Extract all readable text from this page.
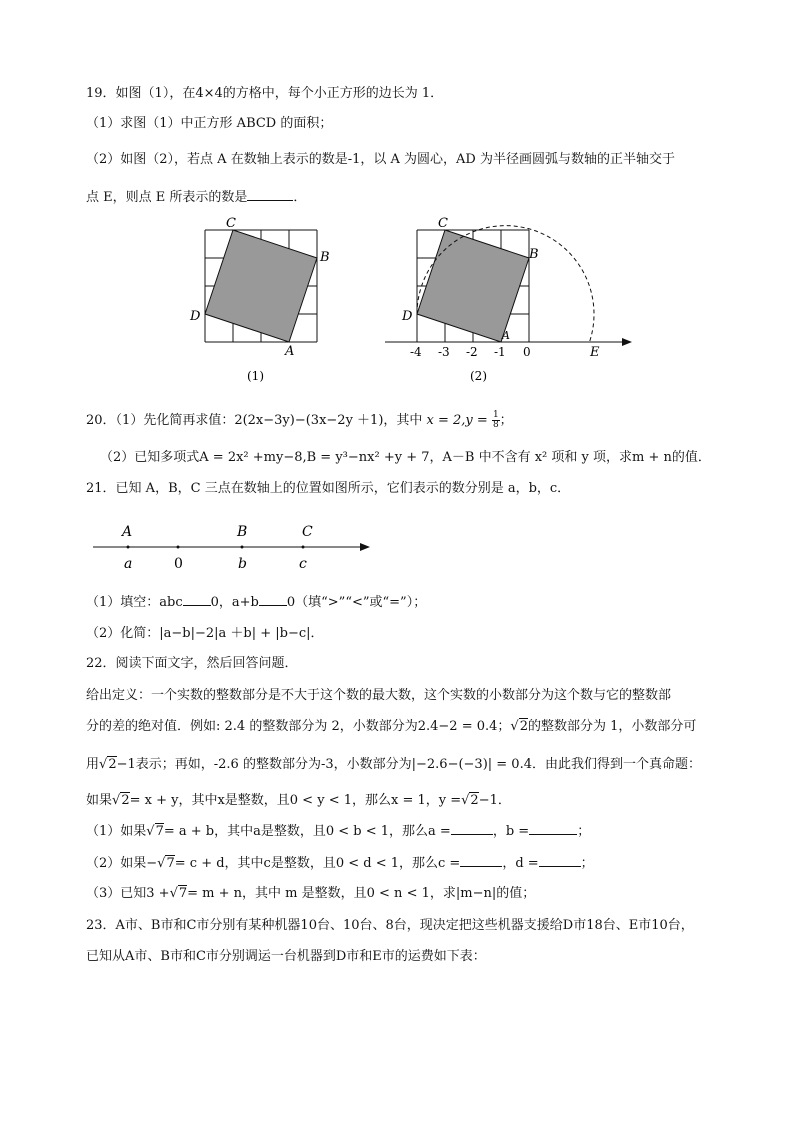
19．如图（1），在4×4的方格中，每个小正方形的边长为 1．
（1）求图（1）中正方形 ABCD 的面积；
（2）如图（2），若点 A 在数轴上表示的数是-1，以 A 为圆心，AD 为半径画圆弧与数轴的正半轴交于
点 E，则点 E 所表示的数是	．
C
B
D
A
(1)
C
B
D
A
E
-4 -3 -2 -1 0
(2)
20．（1）先化简再求值：2(2x−3y)−(3x−2y ＋1)，其中 $x = 2,y = \frac{1}{8}$ ；
（2）已知多项式A = 2x² +my−8,B = y³−nx² +y + 7，A－B 中不含有 x² 项和 y 项，求m + n的值．
21．已知 A，B，C 三点在数轴上的位置如图所示，它们表示的数分别是 a，b，c．
A	B	C
a	0	b	c
（1）填空：abc 0，a+b 0（填“>”“<”或“=”）；
（2）化简：|a−b|−2|a ＋b| + |b−c|．
22．阅读下面文字，然后回答问题．
给出定义：一个实数的整数部分是不大于这个数的最大数，这个实数的小数部分为这个数与它的整数部
分的差的绝对值．例如: 2.4 的整数部分为 2，小数部分为2.4−2 = 0.4；√2的整数部分为 1，小数部分可
用√2−1表示；再如，-2.6 的整数部分为-3，小数部分为|−2.6−(−3)| = 0.4．由此我们得到一个真命题：
如果√2= x + y，其中x是整数，且0 < y < 1，那么x = 1，y =√2−1．
（1）如果√7= a + b，其中a是整数，且0 < b < 1，那么a =	，b =	；
（2）如果−√7= c + d，其中c是整数，且0 < d < 1，那么c =	，d =	；
（3）已知3 +√7= m + n，其中 m 是整数，且0 < n < 1，求|m−n|的值；
23．A市、B市和C市分别有某种机器10台、10台、8台，现决定把这些机器支援给D市18台、E市10台，
已知从A市、B市和C市分别调运一台机器到D市和E市的运费如下表：
